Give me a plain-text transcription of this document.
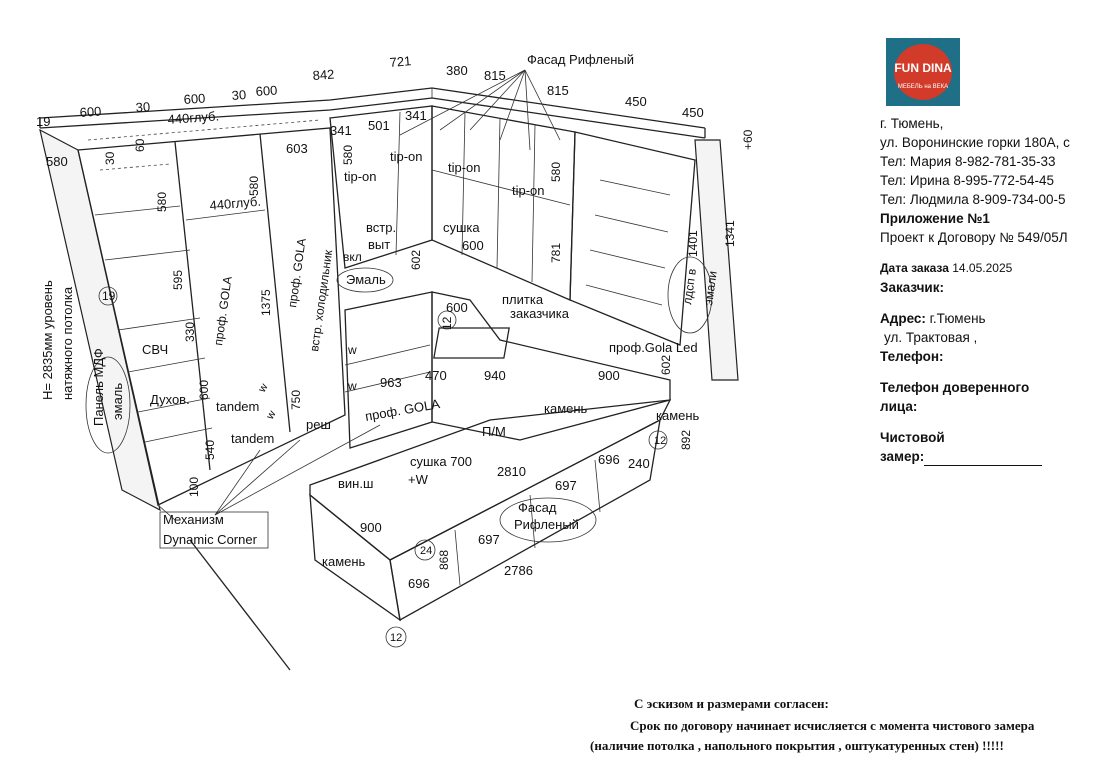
Фасад Рифленый
721
380 815
842
600	30
600 30 600
19	440глуб.
815
450
450
+60
341 501
341
580	30
60	603	580	tip-on
tip-on
tip-on
tip-on
580
580
440глуб.
580
встр.
выт
сушка
600
вкл	602	781	1401 1341
Эмаль
595
1375 проф. GOLA
встр. холодильник
проф. GOLA	плитка
заказчика
лдсп в эмали
600
12
19
330
СВЧ	w
w
проф.Gola Led
963 470	940	900
602
600
Духов. tandem
w
w
750
tandem
реш
проф. GOLA	камень	камень
П/М
12 892
540
сушка 700
+W
2810
696 240
100	вин.ш	697
Фасад
Рифленый
900
Механизм
Dynamic Corner
камень
24
697
868
696
2786
12
H= 2835мм уровень натяжного потолка Панель МДФ эмаль
FUN DINA
МЕБЕЛЬ на ВЕКА
г. Тюмень,
ул. Воронинские горки 180А, с
Тел: Мария 8-982-781-35-33
Тел: Ирина 8-995-772-54-45
Тел: Людмила 8-909-734-00-5
Приложение №1
Проект к Договору № 549/05Л
Дата заказа 14.05.2025
Заказчик:
Адрес: г.Тюмень
ул. Трактовая ,
Телефон:
Телефон доверенного
лица:
Чистовой
замер:
С эскизом и размерами согласен:
Срок по договору начинает исчисляется с момента чистового замера
(наличие потолка , напольного покрытия , оштукатуренных стен) !!!!!
